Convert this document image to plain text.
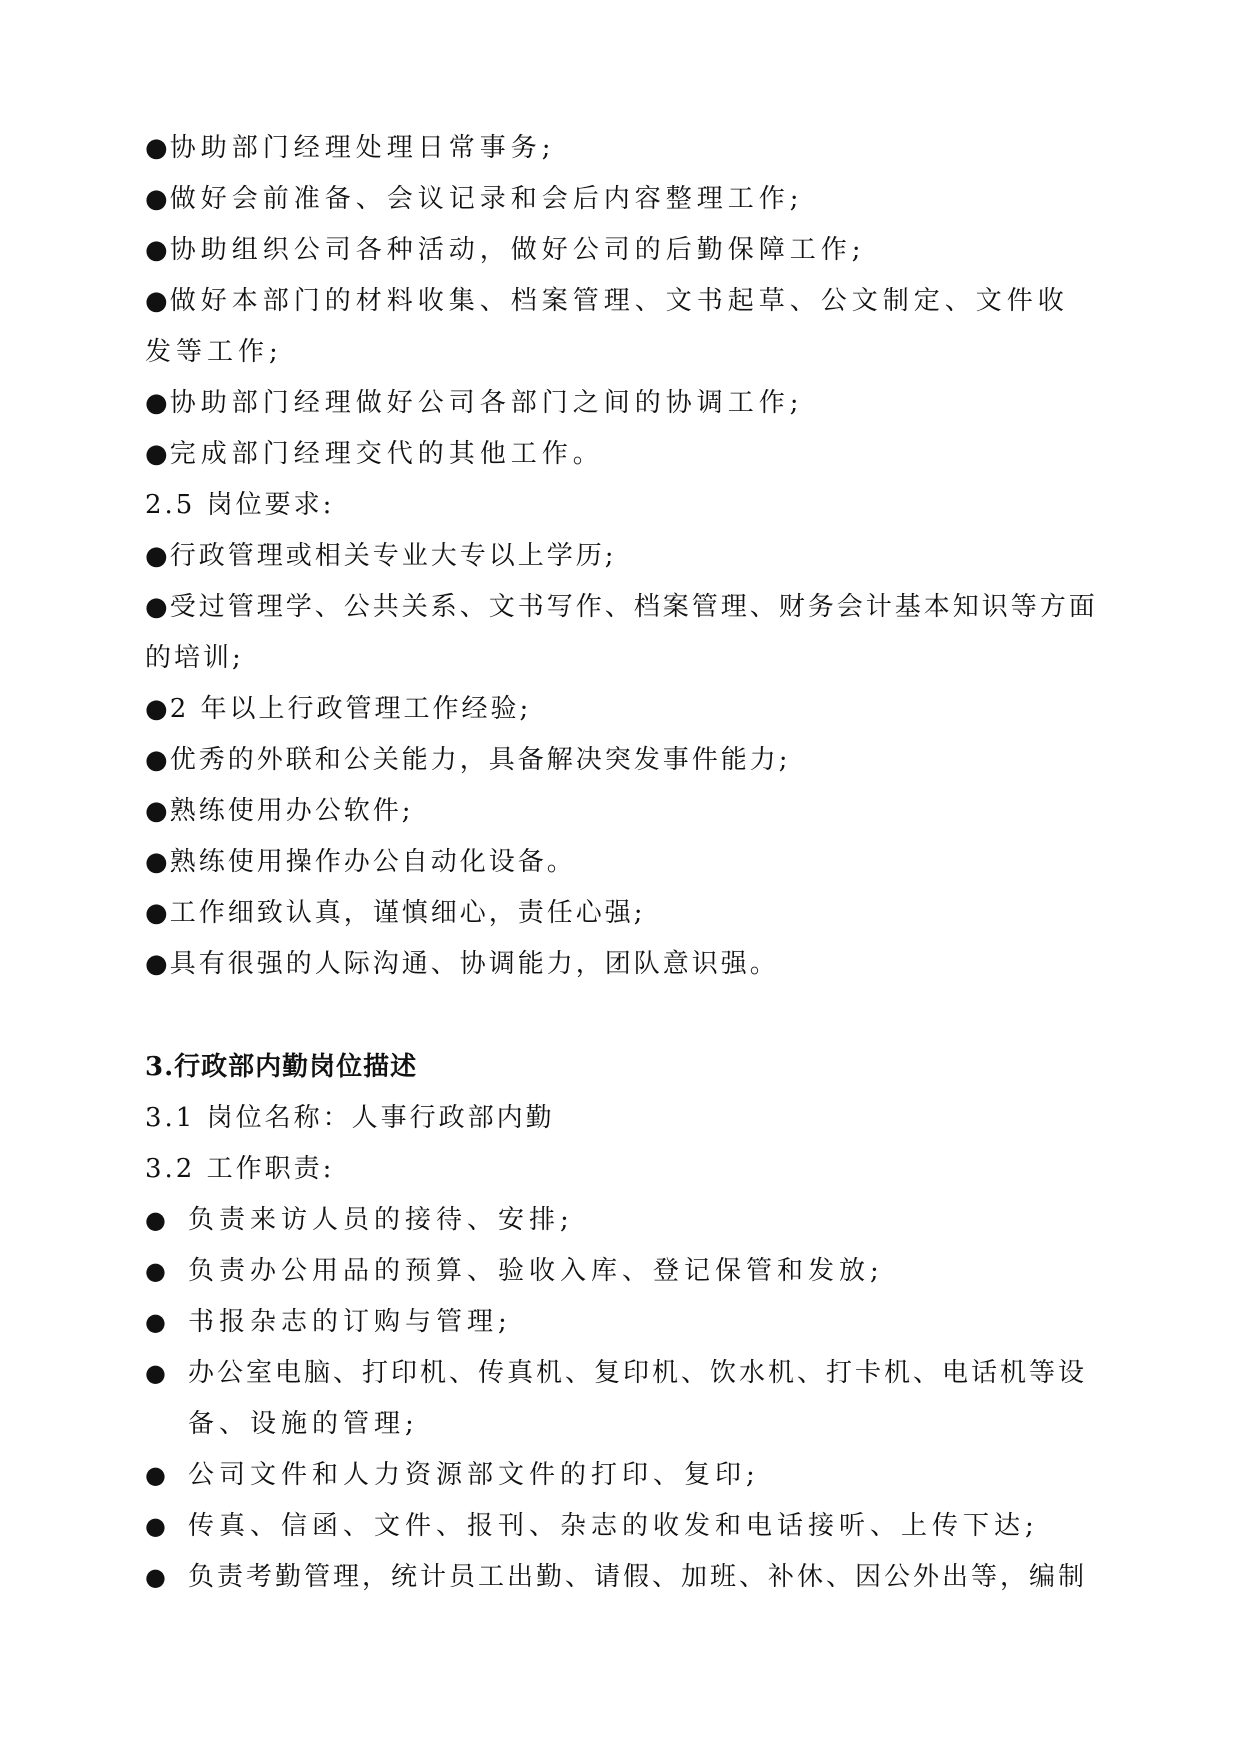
● 协助部门经理处理日常事务;
● 做好会前准备、会议记录和会后内容整理工作;
● 协助组织公司各种活动，做好公司的后勤保障工作;
● 做好本部门的材料收集、档案管理、文书起草、公文制定、文件收
发等工作;
● 协助部门经理做好公司各部门之间的协调工作;
● 完成部门经理交代的其他工作。
2.5 岗位要求:
● 行政管理或相关专业大专以上学历;
● 受过管理学、公共关系、文书写作、档案管理、财务会计基本知识等方面
的培训;
● 2 年以上行政管理工作经验;
● 优秀的外联和公关能力，具备解决突发事件能力;
● 熟练使用办公软件;
● 熟练使用操作办公自动化设备。
● 工作细致认真，谨慎细心，责任心强;
● 具有很强的人际沟通、协调能力，团队意识强。
3.行政部内勤岗位描述
3.1 岗位名称：人事行政部内勤
3.2 工作职责:
● 负责来访人员的接待、安排;
● 负责办公用品的预算、验收入库、登记保管和发放;
● 书报杂志的订购与管理;
● 办公室电脑、打印机、传真机、复印机、饮水机、打卡机、电话机等设
备、设施的管理;
● 公司文件和人力资源部文件的打印、复印;
● 传真、信函、文件、报刊、杂志的收发和电话接听、上传下达;
● 负责考勤管理，统计员工出勤、请假、加班、补休、因公外出等，编制
